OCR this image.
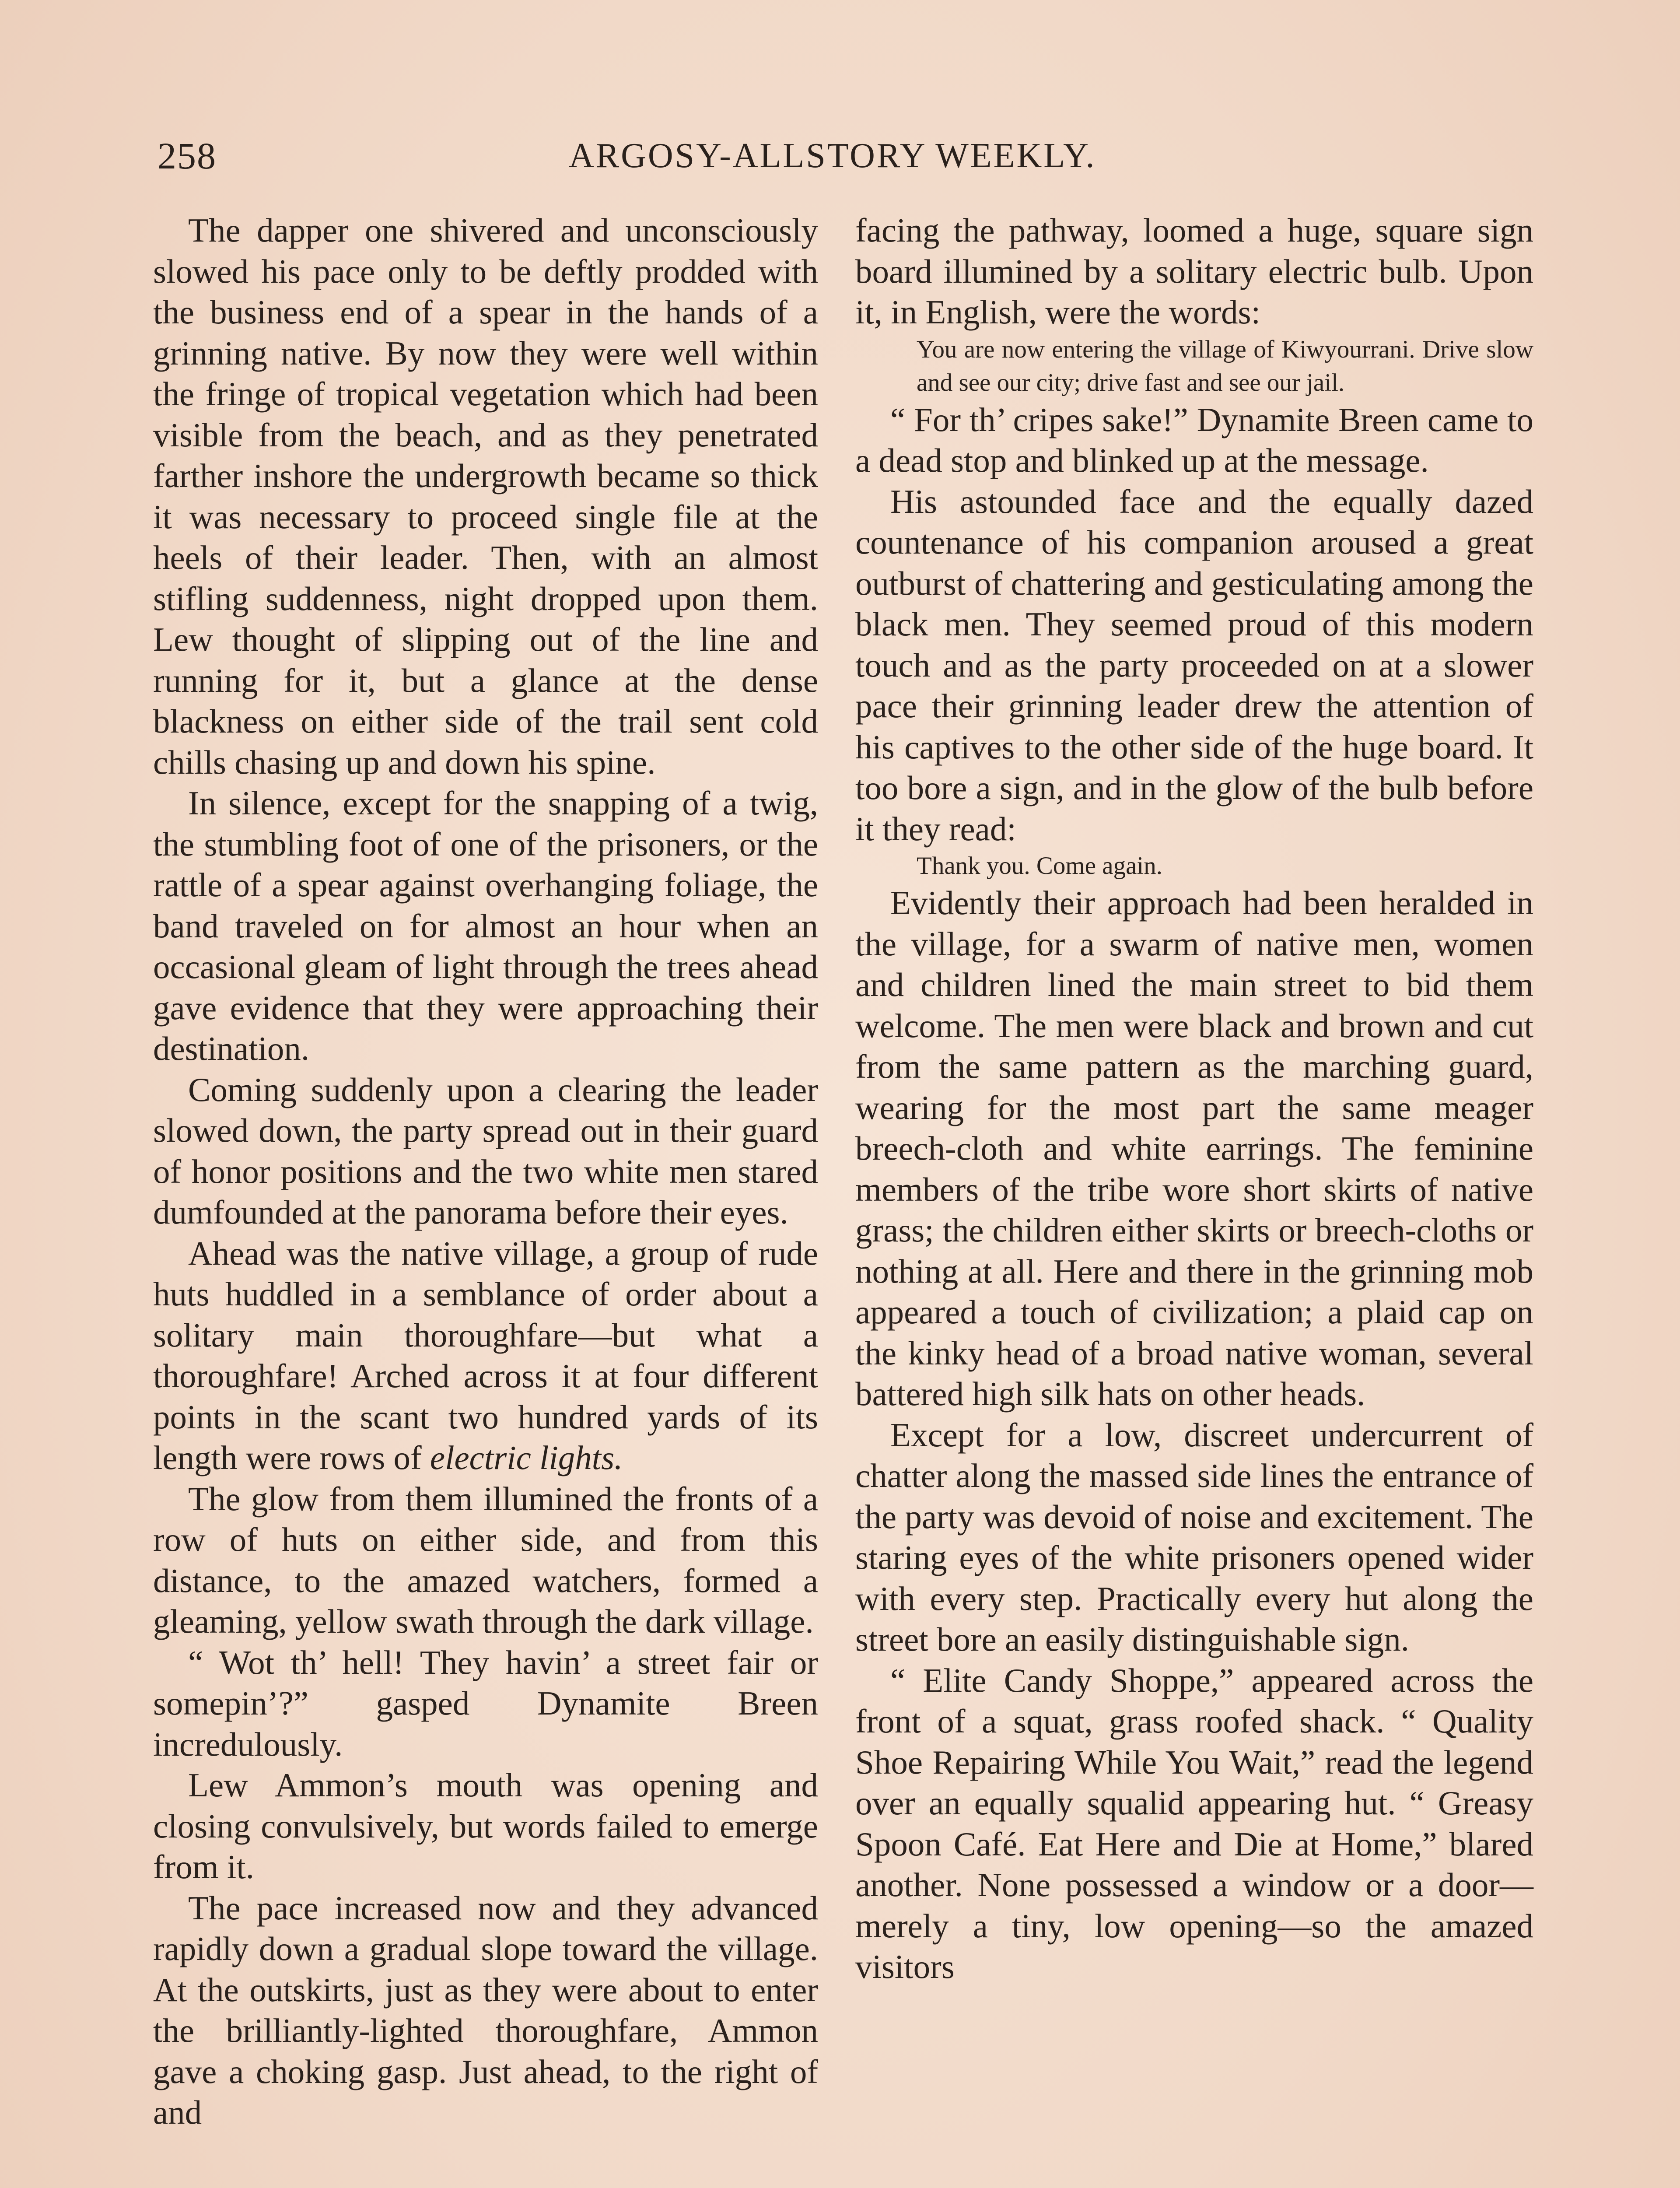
258	ARGOSY-ALLSTORY WEEKLY.

The dapper one shivered and unconsciously slowed his pace only to be deftly prodded with the business end of a spear in the hands of a grinning native. By now they were well within the fringe of tropical vegetation which had been visible from the beach, and as they penetrated farther inshore the undergrowth became so thick it was necessary to proceed single file at the heels of their leader. Then, with an almost stifling suddenness, night dropped upon them. Lew thought of slipping out of the line and running for it, but a glance at the dense blackness on either side of the trail sent cold chills chasing up and down his spine.

In silence, except for the snapping of a twig, the stumbling foot of one of the prisoners, or the rattle of a spear against overhanging foliage, the band traveled on for almost an hour when an occasional gleam of light through the trees ahead gave evidence that they were approaching their destination.

Coming suddenly upon a clearing the leader slowed down, the party spread out in their guard of honor positions and the two white men stared dumfounded at the panorama before their eyes.

Ahead was the native village, a group of rude huts huddled in a semblance of order about a solitary main thoroughfare—but what a thoroughfare! Arched across it at four different points in the scant two hundred yards of its length were rows of electric lights.

The glow from them illumined the fronts of a row of huts on either side, and from this distance, to the amazed watchers, formed a gleaming, yellow swath through the dark village.

“ Wot th’ hell! They havin’ a street fair or somepin’?” gasped Dynamite Breen incredulously.

Lew Ammon’s mouth was opening and closing convulsively, but words failed to emerge from it.

The pace increased now and they advanced rapidly down a gradual slope toward the village. At the outskirts, just as they were about to enter the brilliantly-lighted thoroughfare, Ammon gave a choking gasp. Just ahead, to the right of and

facing the pathway, loomed a huge, square sign board illumined by a solitary electric bulb. Upon it, in English, were the words:

You are now entering the village of Kiwyourrani. Drive slow and see our city; drive fast and see our jail.

“ For th’ cripes sake!” Dynamite Breen came to a dead stop and blinked up at the message.

His astounded face and the equally dazed countenance of his companion aroused a great outburst of chattering and gesticulating among the black men. They seemed proud of this modern touch and as the party proceeded on at a slower pace their grinning leader drew the attention of his captives to the other side of the huge board. It too bore a sign, and in the glow of the bulb before it they read:

Thank you. Come again.

Evidently their approach had been heralded in the village, for a swarm of native men, women and children lined the main street to bid them welcome. The men were black and brown and cut from the same pattern as the marching guard, wearing for the most part the same meager breech-cloth and white earrings. The feminine members of the tribe wore short skirts of native grass; the children either skirts or breech-cloths or nothing at all. Here and there in the grinning mob appeared a touch of civilization; a plaid cap on the kinky head of a broad native woman, several battered high silk hats on other heads.

Except for a low, discreet undercurrent of chatter along the massed side lines the entrance of the party was devoid of noise and excitement. The staring eyes of the white prisoners opened wider with every step. Practically every hut along the street bore an easily distinguishable sign.

“ Elite Candy Shoppe,” appeared across the front of a squat, grass roofed shack. “ Quality Shoe Repairing While You Wait,” read the legend over an equally squalid appearing hut. “ Greasy Spoon Café. Eat Here and Die at Home,” blared another. None possessed a window or a door—merely a tiny, low opening—so the amazed visitors
